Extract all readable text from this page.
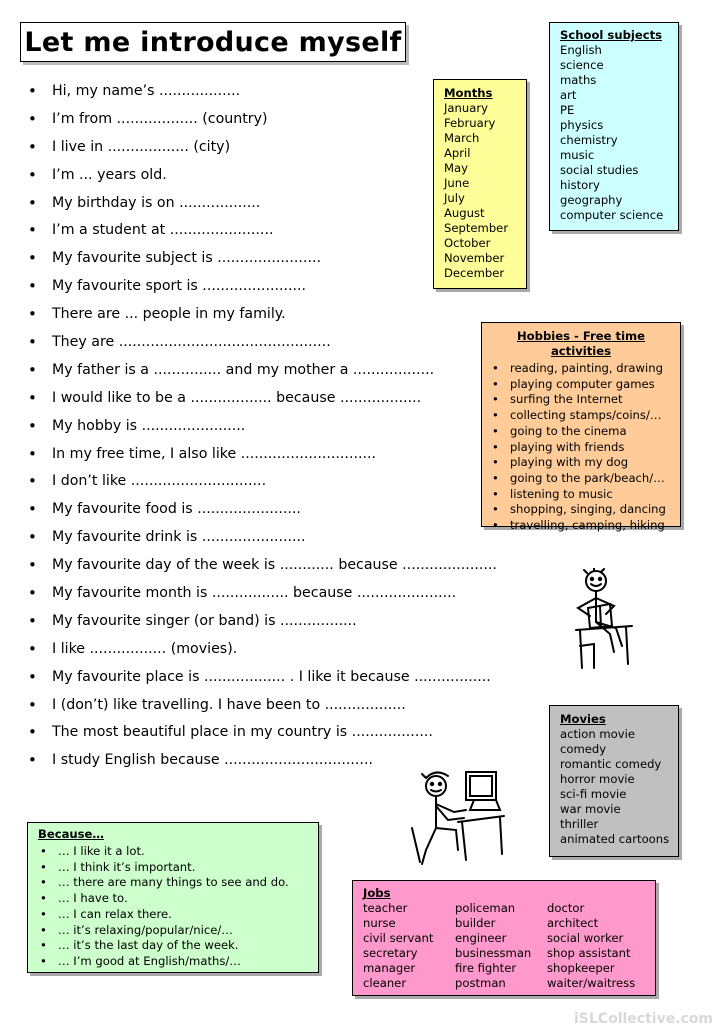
Let me introduce myself
• Hi, my name’s ..................
• I’m from .................. (country)
• I live in .................. (city)
• I’m ... years old.
• My birthday is on ..................
• I’m a student at .......................
• My favourite subject is .......................
• My favourite sport is .......................
• There are ... people in my family.
• They are ...............................................
• My father is a ............... and my mother a ..................
• I would like to be a .................. because ..................
• My hobby is .......................
• In my free time, I also like ..............................
• I don’t like ..............................
• My favourite food is .......................
• My favourite drink is .......................
• My favourite day of the week is ............ because .....................
• My favourite month is ................. because ......................
• My favourite singer (or band) is .................
• I like ................. (movies).
• My favourite place is .................. . I like it because .................
• I (don’t) like travelling. I have been to ..................
• The most beautiful place in my country is ..................
• I study English because .................................
Months
January
February
March
April
May
June
July
August
September
October
November
December
School subjects
English
science
maths
art
PE
physics
chemistry
music
social studies
history
geography
computer science
Hobbies - Free time activities
• reading, painting, drawing
• playing computer games
• surfing the Internet
• collecting stamps/coins/…
• going to the cinema
• playing with friends
• playing with my dog
• going to the park/beach/…
• listening to music
• shopping, singing, dancing
• travelling, camping, hiking
Movies
action movie
comedy
romantic comedy
horror movie
sci-fi movie
war movie
thriller
animated cartoons
Because…
• … I like it a lot.
• … I think it’s important.
• … there are many things to see and do.
• … I have to.
• … I can relax there.
• … it’s relaxing/popular/nice/…
• … it’s the last day of the week.
• … I’m good at English/maths/…
Jobs
teacher	policeman	doctor
nurse	builder	architect
civil servant	engineer	social worker
secretary	businessman	shop assistant
manager	fire fighter	shopkeeper
cleaner	postman	waiter/waitress
iSLCollective.com
